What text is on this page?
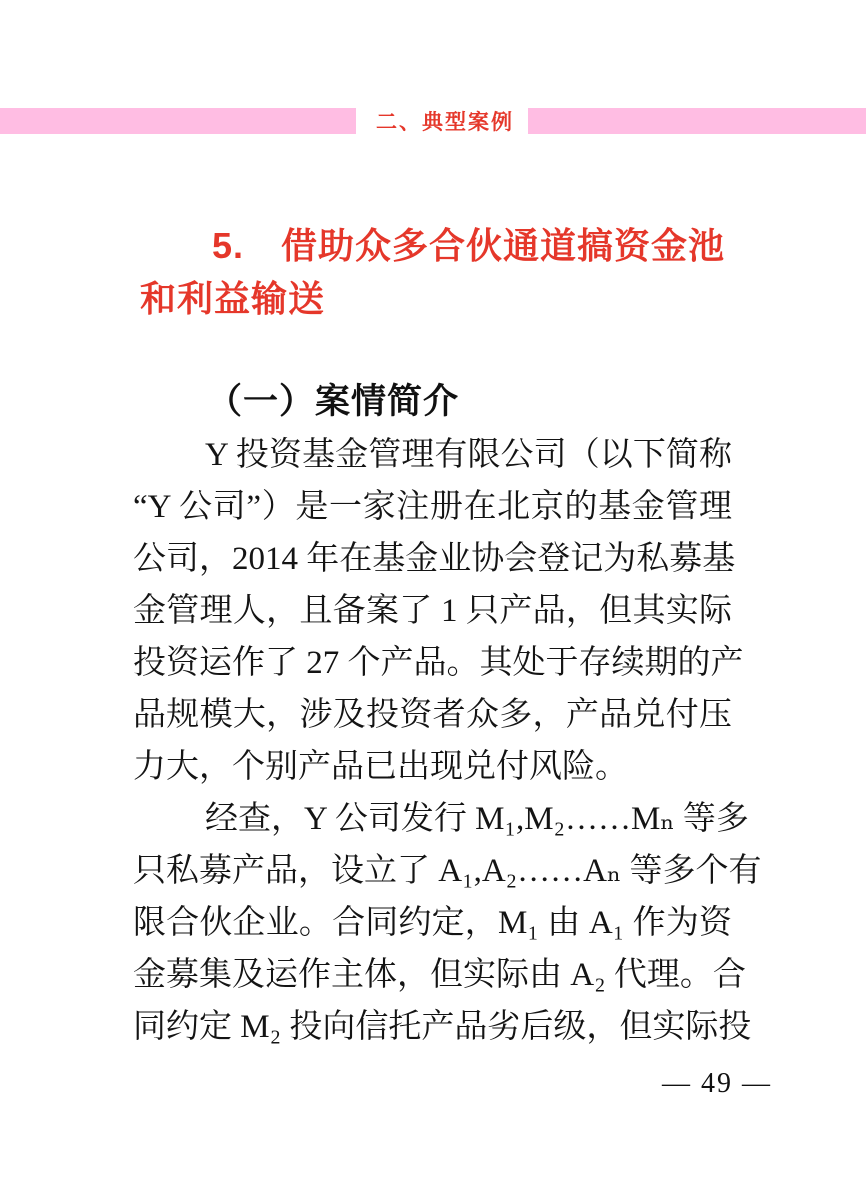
二、典型案例
5.　借助众多合伙通道搞资金池
和利益输送
（一）案情简介
Y 投资基金管理有限公司（以下简称
“Y 公司”）是一家注册在北京的基金管理
公司，2014 年在基金业协会登记为私募基
金管理人，且备案了 1 只产品，但其实际
投资运作了 27 个产品。其处于存续期的产
品规模大，涉及投资者众多，产品兑付压
力大，个别产品已出现兑付风险。
经查，Y 公司发行 M₁,M₂……Mₙ 等多
只私募产品，设立了 A₁,A₂……Aₙ 等多个有
限合伙企业。合同约定，M₁ 由 A₁ 作为资
金募集及运作主体，但实际由 A₂ 代理。合
同约定 M₂ 投向信托产品劣后级，但实际投
— 49 —
